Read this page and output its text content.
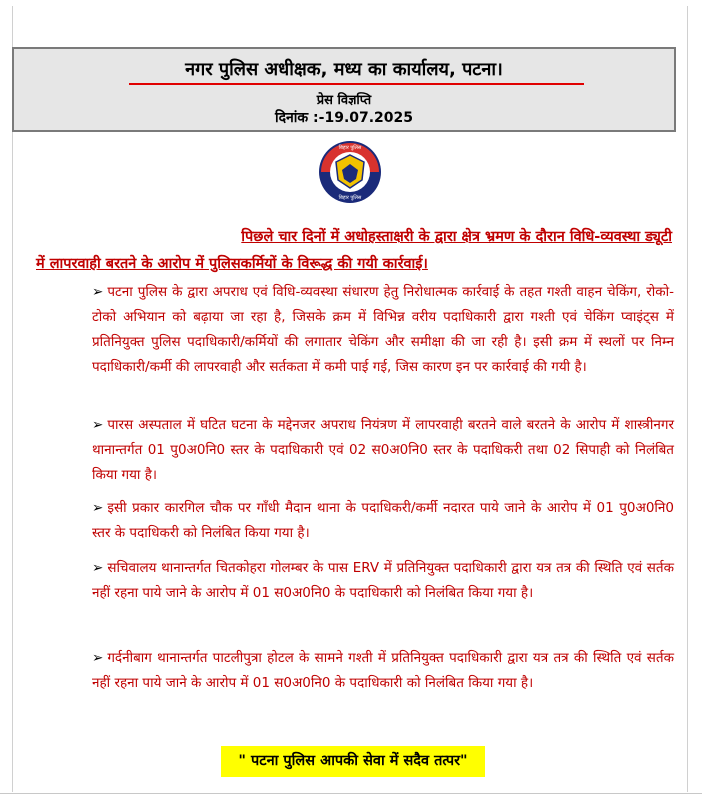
नगर पुलिस अधीक्षक, मध्य का कार्यालय, पटना।
प्रेस विज्ञप्ति
दिनांक :-19.07.2025
बिहार पुलिस
बिहार पुलिस
पिछले चार दिनों में अधोहस्ताक्षरी के द्वारा क्षेत्र भ्रमण के दौरान विधि-व्यवस्था ड्यूटी
में लापरवाही बरतने के आरोप में पुलिसकर्मियों के विरूद्ध की गयी कार्रवाई।
➢ पटना पुलिस के द्वारा अपराध एवं विधि-व्यवस्था संधारण हेतु निरोधात्मक कार्रवाई के तहत गश्ती वाहन चेकिंग, रोको-टोको अभियान को बढ़ाया जा रहा है, जिसके क्रम में विभिन्न वरीय पदाधिकारी द्वारा गश्ती एवं चेकिंग प्वाइंट्स में प्रतिनियुक्त पुलिस पदाधिकारी/कर्मियों की लगातार चेकिंग और समीक्षा की जा रही है। इसी क्रम में स्थलों पर निम्न पदाधिकारी/कर्मी की लापरवाही और सर्तकता में कमी पाई गई, जिस कारण इन पर कार्रवाई की गयी है।
➢ पारस अस्पताल में घटित घटना के मद्देनजर अपराध नियंत्रण में लापरवाही बरतने वाले बरतने के आरोप में शास्त्रीनगर थानान्तर्गत 01 पु0अ0नि0 स्तर के पदाधिकारी एवं 02 स0अ0नि0 स्तर के पदाधिकरी तथा 02 सिपाही को निलंबित किया गया है।
➢ इसी प्रकार कारगिल चौक पर गाँधी मैदान थाना के पदाधिकरी/कर्मी नदारत पाये जाने के आरोप में 01 पु0अ0नि0 स्तर के पदाधिकरी को निलंबित किया गया है।
➢ सचिवालय थानान्तर्गत चितकोहरा गोलम्बर के पास ERV में प्रतिनियुक्त पदाधिकारी द्वारा यत्र तत्र की स्थिति एवं सर्तक नहीं रहना पाये जाने के आरोप में 01 स0अ0नि0 के पदाधिकारी को निलंबित किया गया है।
➢ गर्दनीबाग थानान्तर्गत पाटलीपुत्रा होटल के सामने गश्ती में प्रतिनियुक्त पदाधिकारी द्वारा यत्र तत्र की स्थिति एवं सर्तक नहीं रहना पाये जाने के आरोप में 01 स0अ0नि0 के पदाधिकारी को निलंबित किया गया है।
" पटना पुलिस आपकी सेवा में सदैव तत्पर"
